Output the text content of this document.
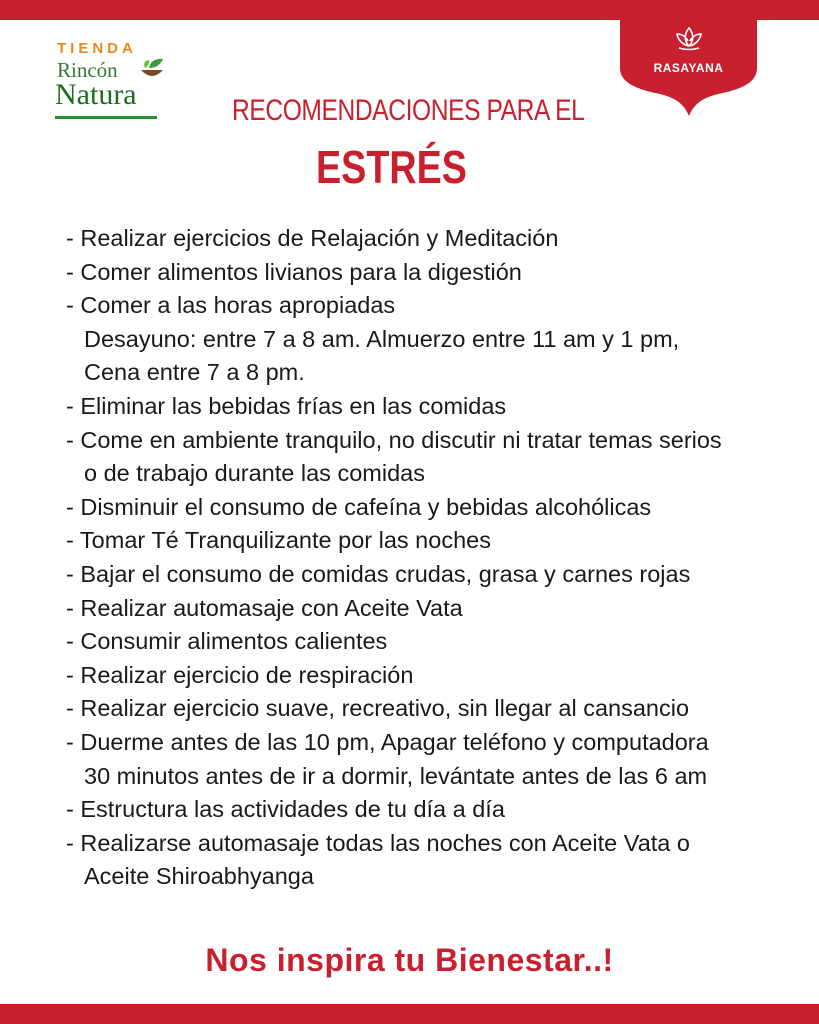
TIENDA
Rincón
Natura
RASAYANA
RECOMENDACIONES PARA EL
ESTRÉS
- Realizar ejercicios de Relajación y Meditación
- Comer alimentos livianos para la digestión
- Comer a las horas apropiadas
Desayuno: entre 7 a 8 am. Almuerzo entre 11 am y 1 pm,
Cena entre 7 a 8 pm.
- Eliminar las bebidas frías en las comidas
- Come en ambiente tranquilo, no discutir ni tratar temas serios
o de trabajo durante las comidas
- Disminuir el consumo de cafeína y bebidas alcohólicas
- Tomar Té Tranquilizante por las noches
- Bajar el consumo de comidas crudas, grasa y carnes rojas
- Realizar automasaje con Aceite Vata
- Consumir alimentos calientes
- Realizar ejercicio de respiración
- Realizar ejercicio suave, recreativo, sin llegar al cansancio
- Duerme antes de las 10 pm, Apagar teléfono y computadora
30 minutos antes de ir a dormir, levántate antes de las 6 am
- Estructura las actividades de tu día a día
- Realizarse automasaje todas las noches con Aceite Vata o
Aceite Shiroabhyanga
Nos inspira tu Bienestar..!
